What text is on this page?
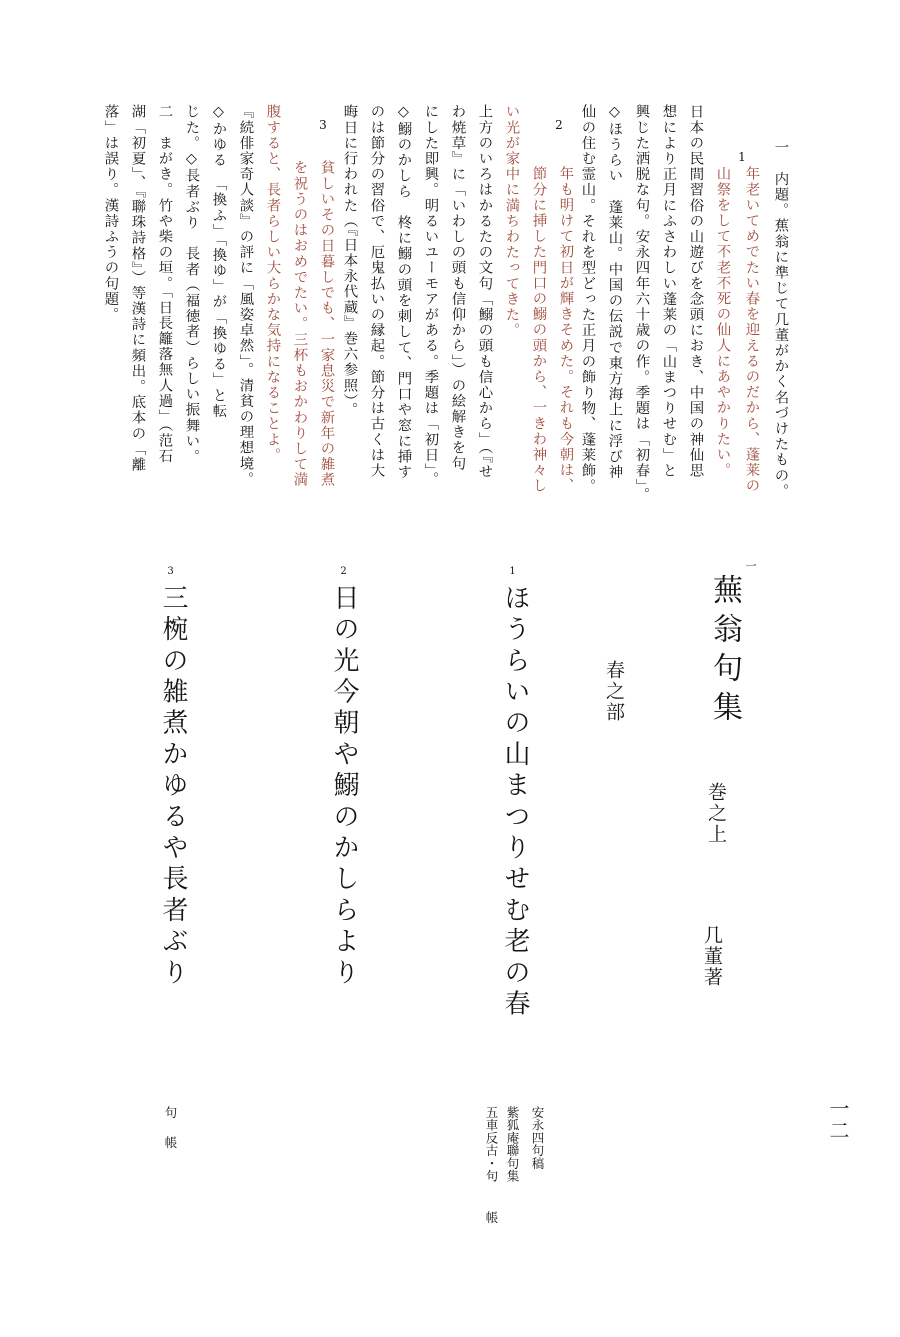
一　内題。蕉翁に準じて几董がかく名づけたもの。
1
年老いてめでたい春を迎えるのだから、蓬莱の
山祭をして不老不死の仙人にあやかりたい。
日本の民間習俗の山遊びを念頭におき、中国の神仙思
想により正月にふさわしい蓬莱の「山まつりせむ」と
興じた洒脱な句。安永四年六十歳の作。季題は「初春」。
◇ほうらい　蓬莱山。中国の伝説で東方海上に浮び神
仙の住む霊山。それを型どった正月の飾り物、蓬莱飾。
2
年も明けて初日が輝きそめた。それも今朝は、
節分に挿した門口の鰯の頭から、一きわ神々し
い光が家中に満ちわたってきた。
上方のいろはかるたの文句「鰯の頭も信心から」（『せ
わ焼草』に「いわしの頭も信仰から」）の絵解きを句
にした即興。明るいユーモアがある。季題は「初日」。
◇鰯のかしら　柊に鰯の頭を刺して、門口や窓に挿す
のは節分の習俗で、厄鬼払いの縁起。節分は古くは大
晦日に行われた（『日本永代蔵』巻六参照）。
3
貧しいその日暮しでも、一家息災で新年の雑煮
を祝うのはおめでたい。三杯もおかわりして満
腹すると、長者らしい大らかな気持になることよ。
『続俳家奇人談』の評に「風姿卓然」。清貧の理想境。
◇かゆる　「換ふ」「換ゆ」が「換ゆる」と転
じた。◇長者ぶり　長者（福徳者）らしい振舞い。
二　まがき。竹や柴の垣。「日長籬落無人過」（范石
湖「初夏」、『聯珠詩格』）等漢詩に頻出。底本の「離
落」は誤り。漢詩ふうの句題。
一
蕪翁句集
巻之上
几董著
春之部
1
ほうらいの山まつりせむ老の春
安永四句稿
紫狐庵聯句集
五車反古・句
帳
2
日の光今朝や鰯のかしらより
3
三椀の雑煮かゆるや長者ぶり
句
帳
一二
